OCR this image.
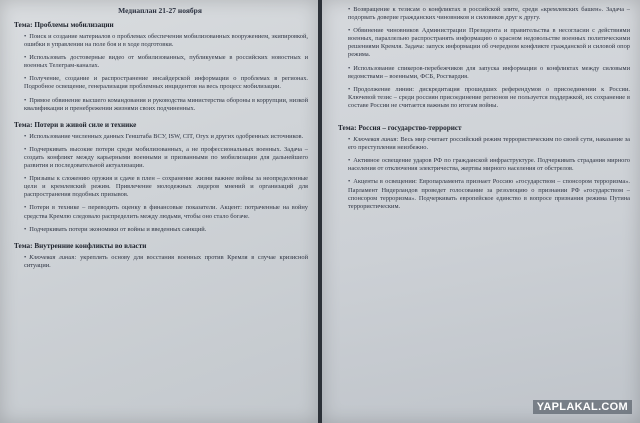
Медиаплан 21-27 ноября
Тема: Проблемы мобилизации
• Поиск и создание материалов о проблемах обеспечения мобилизованных вооружением, экипировкой, ошибки в управлении на поле боя и в ходе подготовки.
• Использовать достоверные видео от мобилизованных, публикуемые в российских новостных и военных Телеграм-каналах.
• Получение, создание и распространение инсайдерской информации о проблемах в регионах. Подробное освещение, генерализация проблемных инцидентов на весь процесс мобилизации.
• Прямое обвинение высшего командования и руководства министерства обороны в коррупции, низкой квалификации и пренебрежении жизнями своих подчиненных.
Тема: Потери в живой силе и технике
• Использование численных данных Генштаба ВСУ, ISW, CIT, Oryx и других одобренных источников.
• Подчеркивать высокие потери среди мобилизованных, а не профессиональных военных. Задача – создать конфликт между карьерными военными и призванными по мобилизации для дальнейшего развития и последовательной актуализации.
• Призывы к сложению оружия и сдаче в плен – сохранение жизни важнее войны за неопределенные цели и кремлевский режим. Привлечение молодежных лидеров мнений и организаций для распространения подобных призывов.
• Потери в технике – переводить оценку в финансовые показатели. Акцент: потраченные на войну средства Кремлю следовало распределить между людьми, чтобы оно стало богаче.
• Подчеркивать потери экономики от войны и введенных санкций.
Тема: Внутренние конфликты во власти
• Ключевая линия: укреплять основу для восстания военных против Кремля в случае кризисной ситуации.
• Возвращение к тезисам о конфликтах в российской элите, среди «кремлевских башен». Задача – подорвать доверие гражданских чиновников и силовиков друг к другу.
• Обвинение чиновников Администрации Президента и правительства в несогласии с действиями военных, параллельно распространять информацию о красном недовольстве военных политическими решениями Кремля. Задача: запуск информации об очередном конфликте гражданской и силовой опор режима.
• Использование спикеров-перебежчиков для запуска информации о конфликтах между силовыми ведомствами – военными, ФСБ, Росгвардия.
• Продолжение линии: дискредитация прошедших референдумов о присоединении к России. Ключевой тезис – среди россиян присоединение регионов не пользуется поддержкой, их сохранение в составе России не считается важным по итогам войны.
Тема: Россия – государство-террорист
• Ключевая линия: Весь мир считает российский режим террористическим по своей сути, наказание за его преступления неизбежно.
• Активное освещение ударов РФ по гражданской инфраструктуре. Подчеркивать страдания мирного населения от отключения электричества, жертвы мирного населения от обстрелов.
• Акценты в освещении: Европарламента признает Россию «государством – спонсором терроризма». Парламент Нидерландов проведет голосование за резолюцию о признании РФ «государством – спонсором терроризма». Подчеркивать европейское единство в вопросе признания режима Путина террористическим.
YAPLAKAL.COM
